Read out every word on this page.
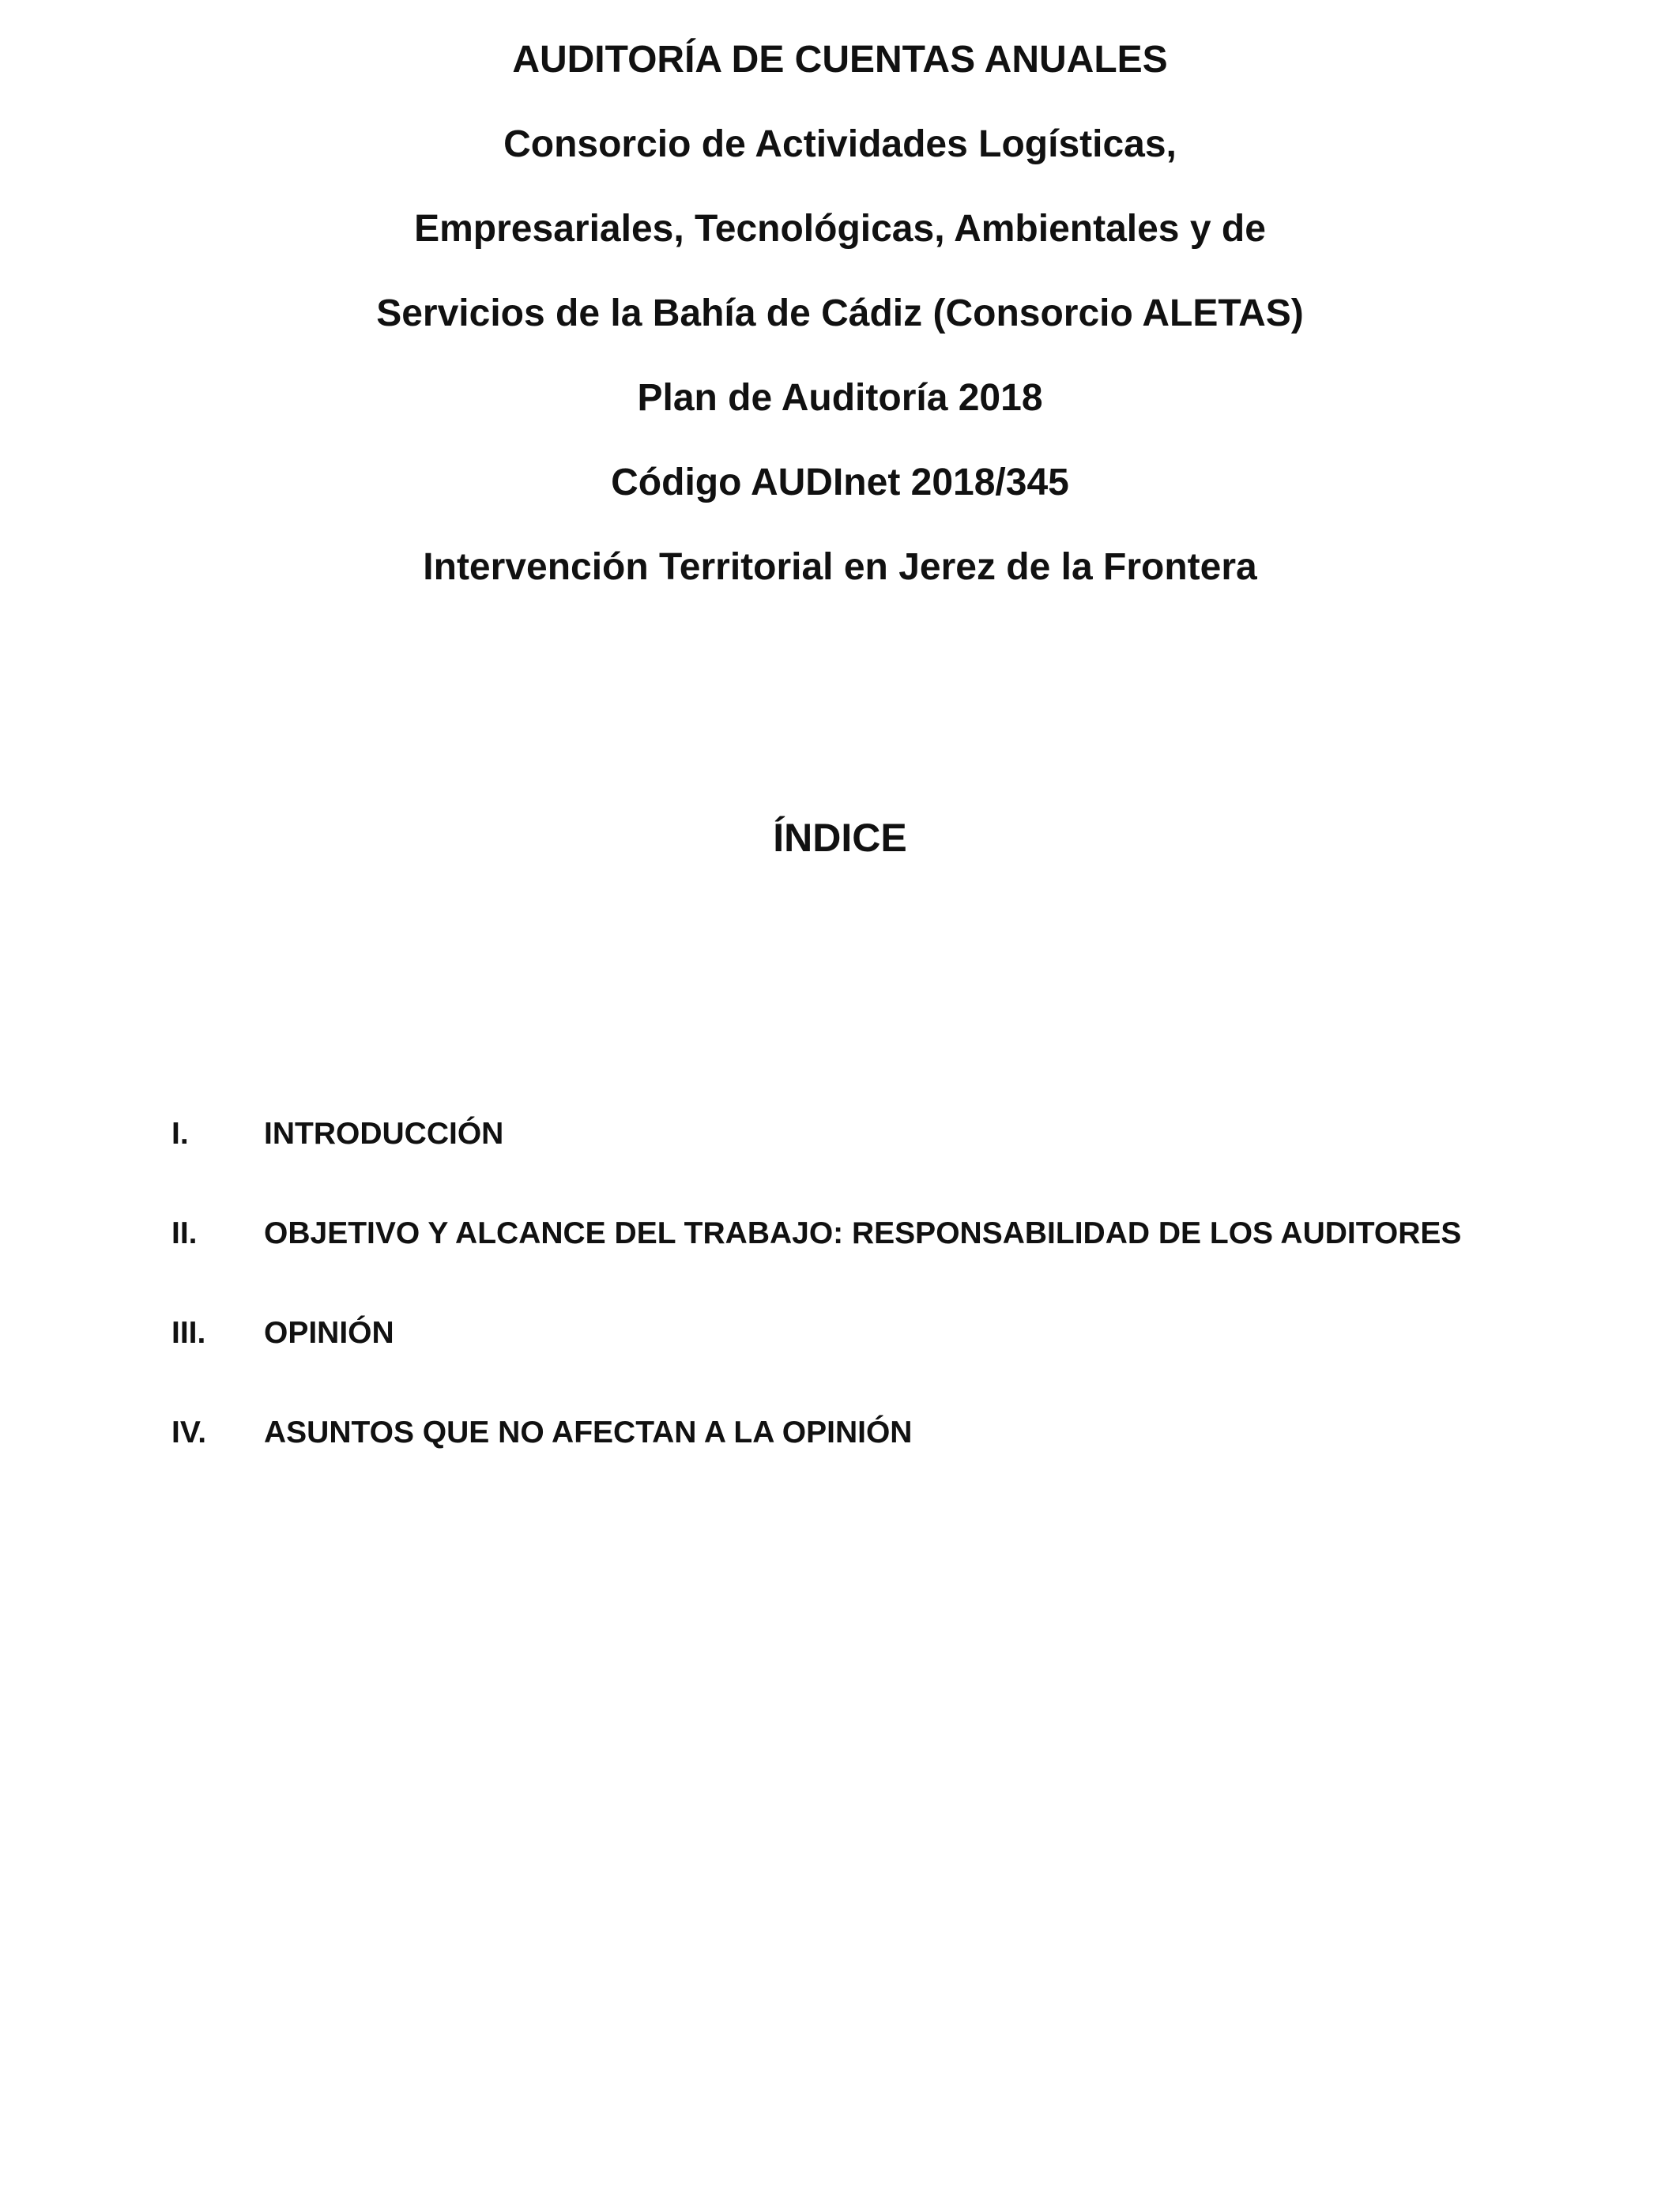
AUDITORÍA DE CUENTAS ANUALES
Consorcio de Actividades Logísticas,
Empresariales, Tecnológicas, Ambientales y de
Servicios de la Bahía de Cádiz (Consorcio ALETAS)
Plan de Auditoría 2018
Código AUDInet 2018/345
Intervención Territorial en Jerez de la Frontera
ÍNDICE
I. INTRODUCCIÓN
II. OBJETIVO Y ALCANCE DEL TRABAJO: RESPONSABILIDAD DE LOS AUDITORES
III. OPINIÓN
IV. ASUNTOS QUE NO AFECTAN A LA OPINIÓN
